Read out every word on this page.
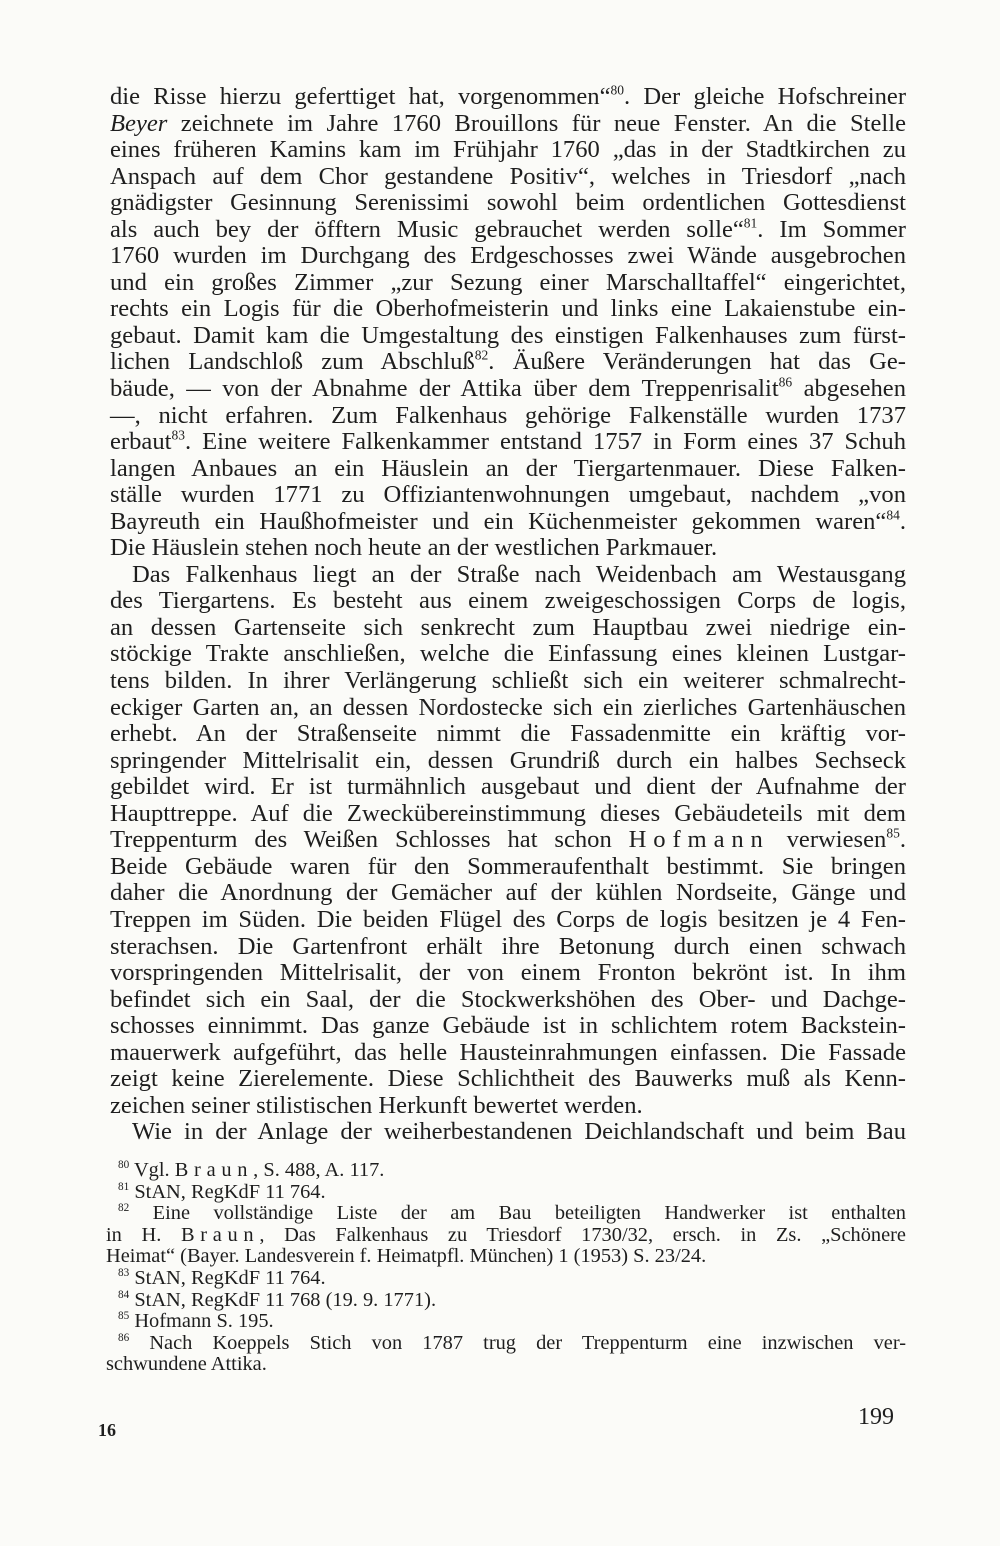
die Risse hierzu geferttiget hat, vorgenommen“$^{80}$. Der gleiche Hofschreiner

Beyer zeichnete im Jahre 1760 Brouillons für neue Fenster. An die Stelle

eines früheren Kamins kam im Frühjahr 1760 „das in der Stadtkirchen zu

Anspach auf dem Chor gestandene Positiv“, welches in Triesdorf „nach

gnädigster Gesinnung Serenissimi sowohl beim ordentlichen Gottesdienst

als auch bey der öfftern Music gebrauchet werden solle“$^{81}$. Im Sommer

1760 wurden im Durchgang des Erdgeschosses zwei Wände ausgebrochen

und ein großes Zimmer „zur Sezung einer Marschalltaffel“ eingerichtet,

rechts ein Logis für die Oberhofmeisterin und links eine Lakaienstube ein-

gebaut. Damit kam die Umgestaltung des einstigen Falkenhauses zum fürst-

lichen Landschloß zum Abschluß$^{82}$. Äußere Veränderungen hat das Ge-

bäude, — von der Abnahme der Attika über dem Treppenrisalit$^{86}$ abgesehen

—, nicht erfahren. Zum Falkenhaus gehörige Falkenställe wurden 1737

erbaut$^{83}$. Eine weitere Falkenkammer entstand 1757 in Form eines 37 Schuh

langen Anbaues an ein Häuslein an der Tiergartenmauer. Diese Falken-

ställe wurden 1771 zu Offiziantenwohnungen umgebaut, nachdem „von

Bayreuth ein Haußhofmeister und ein Küchenmeister gekommen waren“$^{84}$.

Die Häuslein stehen noch heute an der westlichen Parkmauer.

Das Falkenhaus liegt an der Straße nach Weidenbach am Westausgang

des Tiergartens. Es besteht aus einem zweigeschossigen Corps de logis,

an dessen Gartenseite sich senkrecht zum Hauptbau zwei niedrige ein-

stöckige Trakte anschließen, welche die Einfassung eines kleinen Lustgar-

tens bilden. In ihrer Verlängerung schließt sich ein weiterer schmalrecht-

eckiger Garten an, an dessen Nordostecke sich ein zierliches Gartenhäuschen

erhebt. An der Straßenseite nimmt die Fassadenmitte ein kräftig vor-

springender Mittelrisalit ein, dessen Grundriß durch ein halbes Sechseck

gebildet wird. Er ist turmähnlich ausgebaut und dient der Aufnahme der

Haupttreppe. Auf die Zweckübereinstimmung dieses Gebäudeteils mit dem

Treppenturm des Weißen Schlosses hat schon Hofmann verwiesen$^{85}$.

Beide Gebäude waren für den Sommeraufenthalt bestimmt. Sie bringen

daher die Anordnung der Gemächer auf der kühlen Nordseite, Gänge und

Treppen im Süden. Die beiden Flügel des Corps de logis besitzen je 4 Fen-

sterachsen. Die Gartenfront erhält ihre Betonung durch einen schwach

vorspringenden Mittelrisalit, der von einem Fronton bekrönt ist. In ihm

befindet sich ein Saal, der die Stockwerkshöhen des Ober- und Dachge-

schosses einnimmt. Das ganze Gebäude ist in schlichtem rotem Backstein-

mauerwerk aufgeführt, das helle Hausteinrahmungen einfassen. Die Fassade

zeigt keine Zierelemente. Diese Schlichtheit des Bauwerks muß als Kenn-

zeichen seiner stilistischen Herkunft bewertet werden.

Wie in der Anlage der weiherbestandenen Deichlandschaft und beim Bau

$^{80}$ Vgl. Braun, S. 488, A. 117.

$^{81}$ StAN, RegKdF 11 764.

$^{82}$ Eine vollständige Liste der am Bau beteiligten Handwerker ist enthalten

in H. Braun, Das Falkenhaus zu Triesdorf 1730/32, ersch. in Zs. „Schönere

Heimat“ (Bayer. Landesverein f. Heimatpfl. München) 1 (1953) S. 23/24.

$^{83}$ StAN, RegKdF 11 764.

$^{84}$ StAN, RegKdF 11 768 (19. 9. 1771).

$^{85}$ Hofmann S. 195.

$^{86}$ Nach Koeppels Stich von 1787 trug der Treppenturm eine inzwischen ver-

schwundene Attika.

16	199
